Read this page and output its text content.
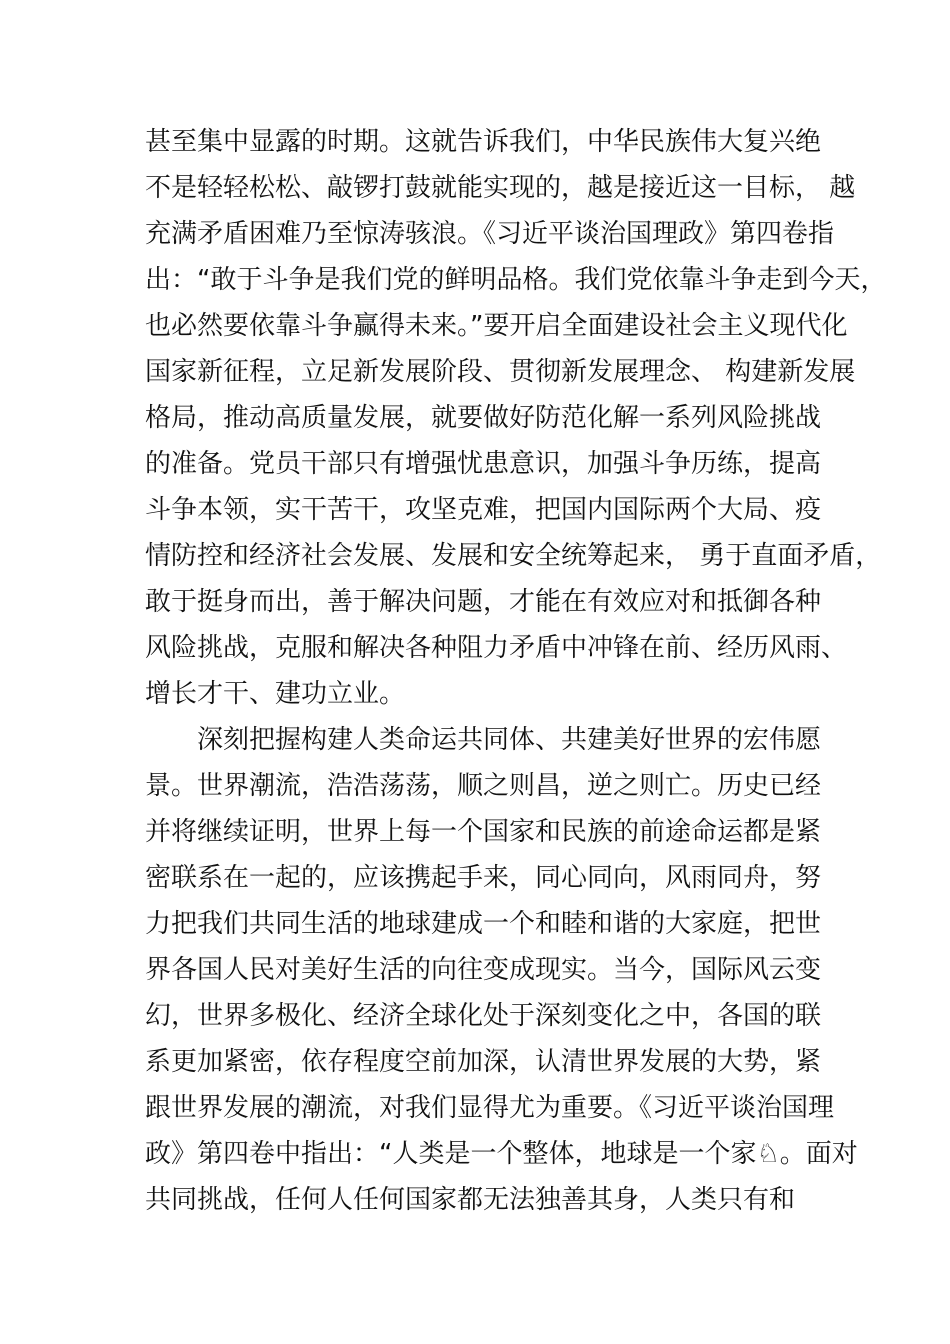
甚至集中显露的时期。这就告诉我们，中华民族伟大复兴绝
不是轻轻松松、敲锣打鼓就能实现的，越是接近这一目标， 越
充满矛盾困难乃至惊涛骇浪。《习近平谈治国理政》第四卷指
出：“敢于斗争是我们党的鲜明品格。我们党依靠斗争走到今天，
也必然要依靠斗争赢得未来。”要开启全面建设社会主义现代化
国家新征程，立足新发展阶段、贯彻新发展理念、 构建新发展
格局，推动高质量发展，就要做好防范化解一系列风险挑战
的准备。党员干部只有增强忧患意识，加强斗争历练，提高
斗争本领，实干苦干，攻坚克难，把国内国际两个大局、疫
情防控和经济社会发展、发展和安全统筹起来， 勇于直面矛盾，
敢于挺身而出，善于解决问题，才能在有效应对和抵御各种
风险挑战，克服和解决各种阻力矛盾中冲锋在前、经历风雨、
增长才干、建功立业。
深刻把握构建人类命运共同体、共建美好世界的宏伟愿
景。世界潮流，浩浩荡荡，顺之则昌，逆之则亡。历史已经
并将继续证明，世界上每一个国家和民族的前途命运都是紧
密联系在一起的，应该携起手来，同心同向，风雨同舟，努
力把我们共同生活的地球建成一个和睦和谐的大家庭，把世
界各国人民对美好生活的向往变成现实。当今，国际风云变
幻，世界多极化、经济全球化处于深刻变化之中，各国的联
系更加紧密，依存程度空前加深，认清世界发展的大势，紧
跟世界发展的潮流，对我们显得尤为重要。《习近平谈治国理
政》第四卷中指出：“人类是一个整体，地球是一个家♘。面对
共同挑战，任何人任何国家都无法独善其身，人类只有和
